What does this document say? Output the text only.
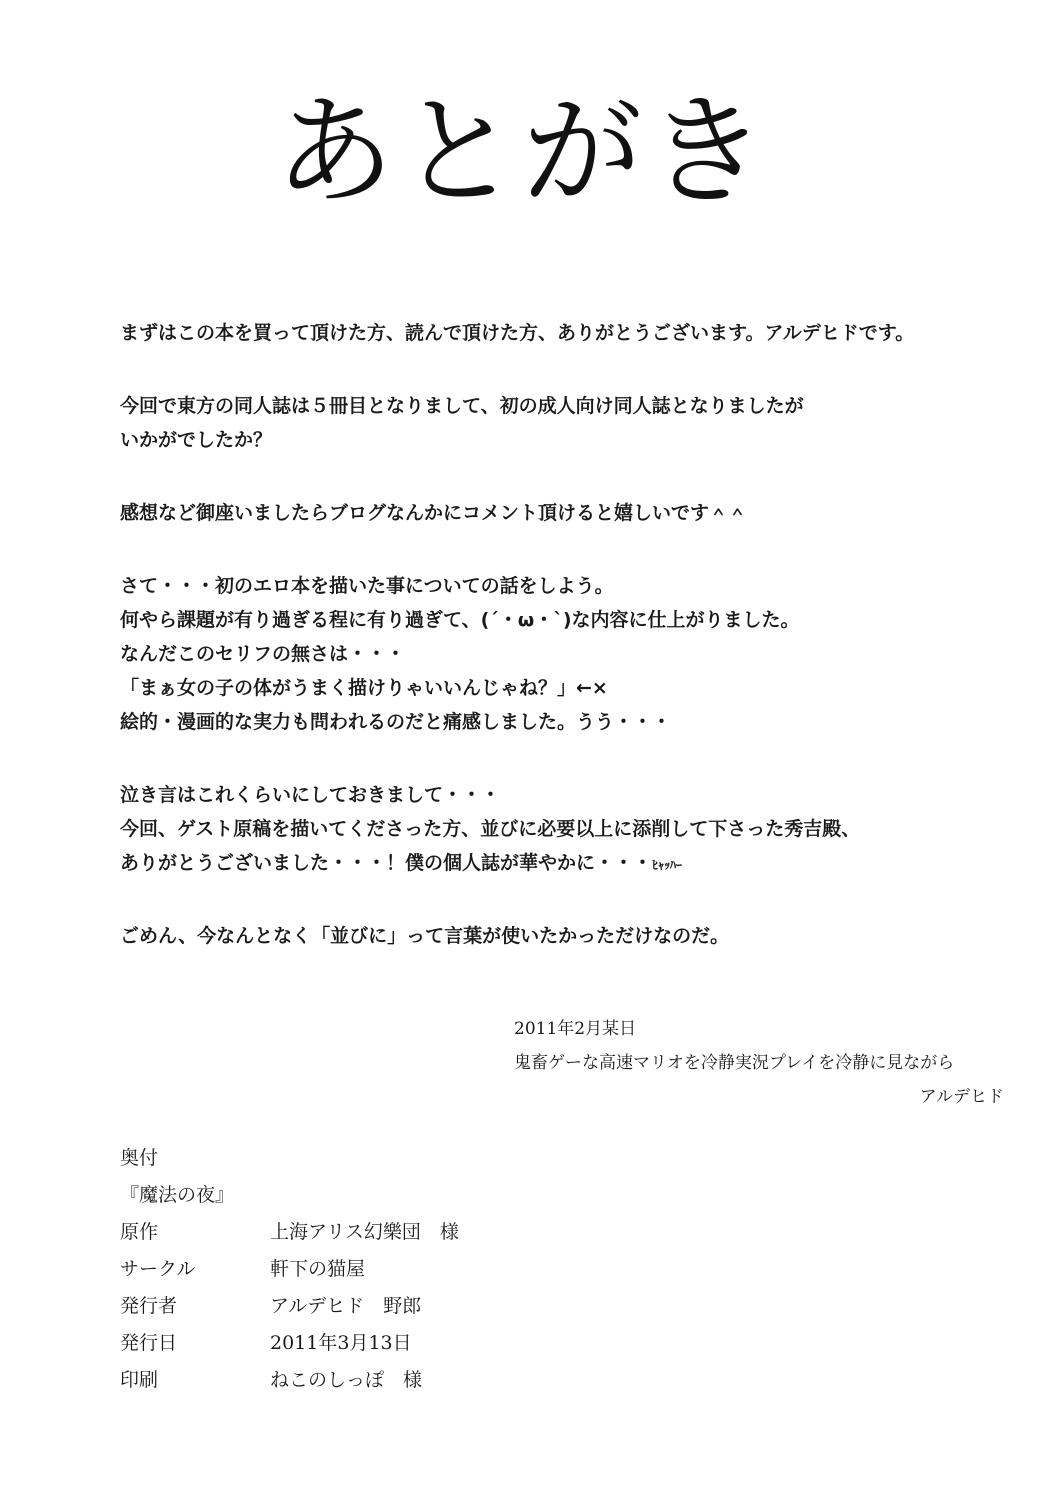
あとがき
まずはこの本を買って頂けた方、読んで頂けた方、ありがとうございます。アルデヒドです。
今回で東方の同人誌は５冊目となりまして、初の成人向け同人誌となりましたが
いかがでしたか？
感想など御座いましたらブログなんかにコメント頂けると嬉しいです＾＾
さて・・・初のエロ本を描いた事についての話をしよう。
何やら課題が有り過ぎる程に有り過ぎて、(´・ω・`)な内容に仕上がりました。
なんだこのセリフの無さは・・・
「まぁ女の子の体がうまく描けりゃいいんじゃね？」←×
絵的・漫画的な実力も問われるのだと痛感しました。うう・・・
泣き言はこれくらいにしておきまして・・・
今回、ゲスト原稿を描いてくださった方、並びに必要以上に添削して下さった秀吉殿、
ありがとうございました・・・！僕の個人誌が華やかに・・・ﾋｬｯﾊｰ
ごめん、今なんとなく「並びに」って言葉が使いたかっただけなのだ。
2011年2月某日
鬼畜ゲーな高速マリオを冷静実況プレイを冷静に見ながら
アルデヒド
奥付
『魔法の夜』
原作	上海アリス幻樂団　様
サークル	軒下の猫屋
発行者	アルデヒド　野郎
発行日	2011年3月13日
印刷	ねこのしっぽ　様
